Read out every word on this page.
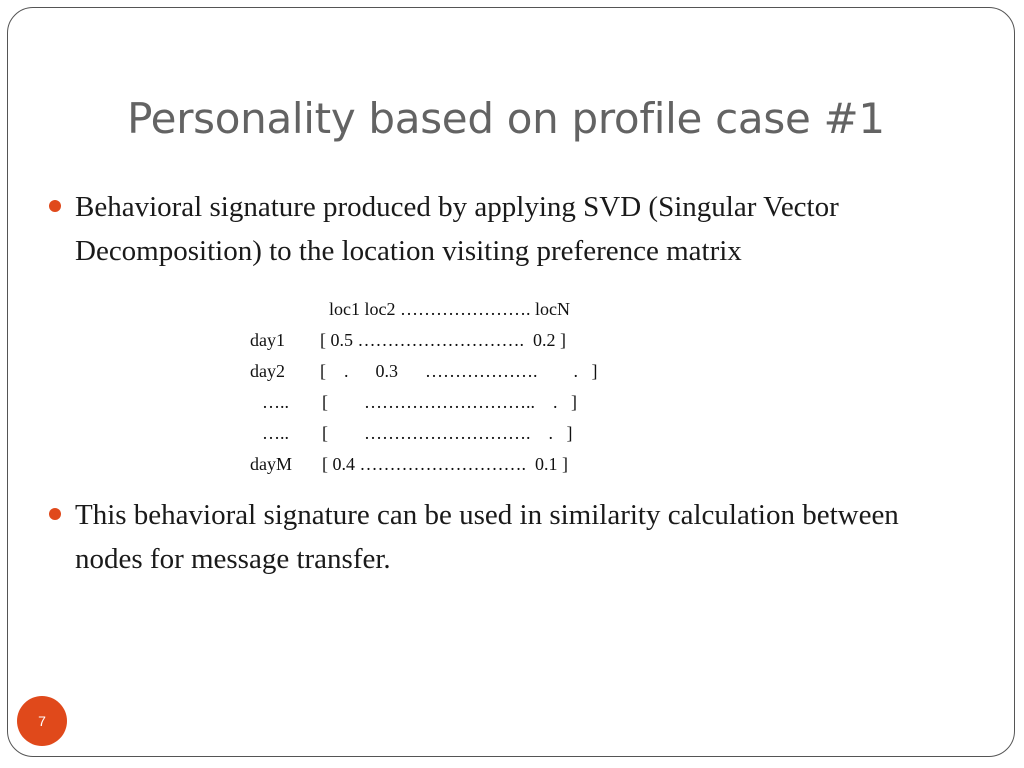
Personality based on profile case #1
Behavioral signature produced by applying SVD (Singular Vector Decomposition) to the location visiting preference matrix

loc1 loc2 …………………. locN

day1

[ 0.5 ……………………….  0.2 ]

day2

[    .      0.3      ……………….        .   ]

…..

[        ………………………..    .   ]

…..

[        ……………………….    .   ]

dayM

[ 0.4 ……………………….  0.1 ]

This behavioral signature can be used in similarity calculation between nodes for message transfer.
7
